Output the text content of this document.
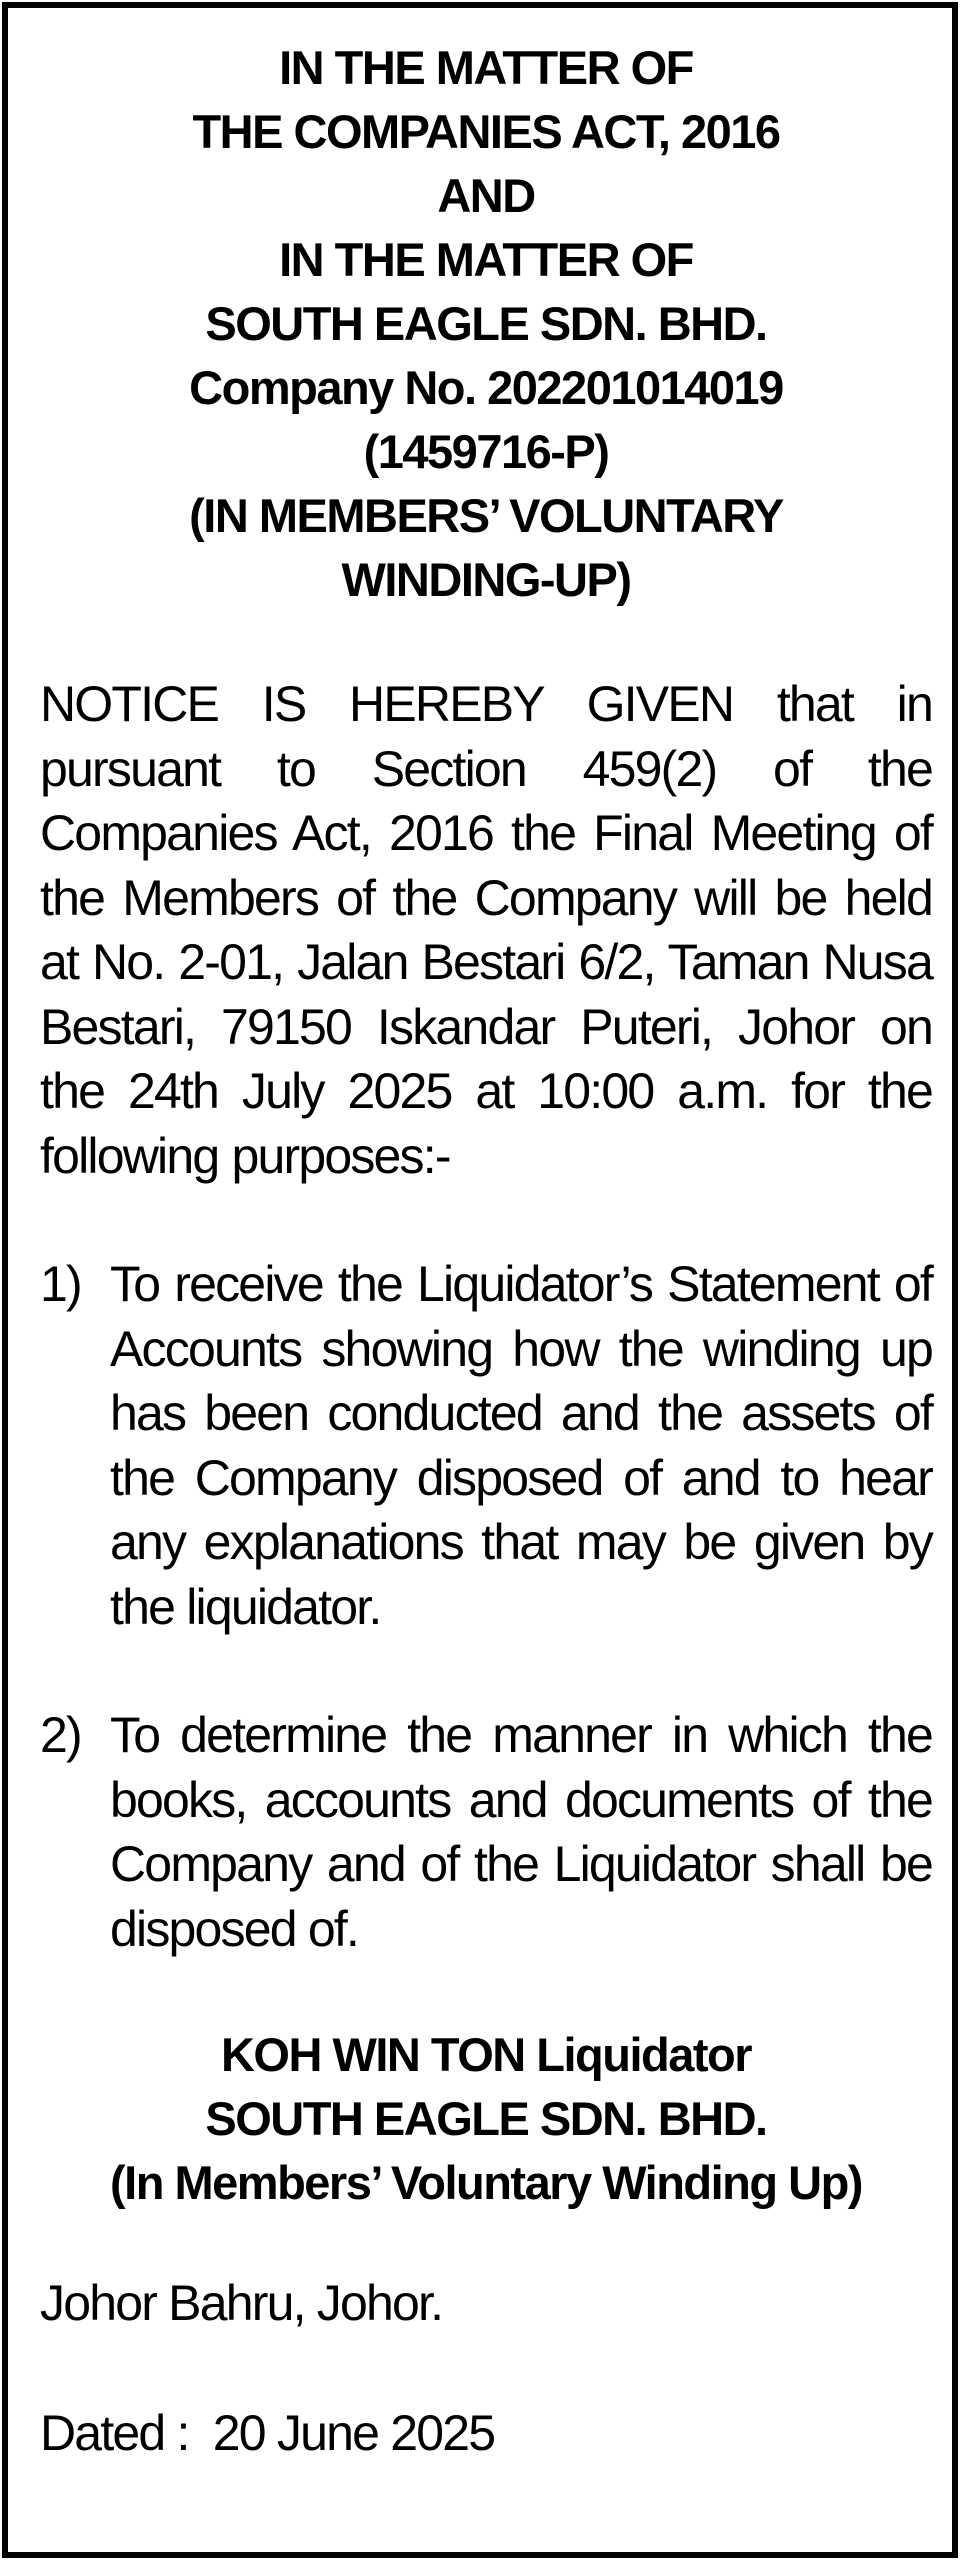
IN THE MATTER OF
THE COMPANIES ACT, 2016
AND
IN THE MATTER OF
SOUTH EAGLE SDN. BHD.
Company No. 202201014019
(1459716-P)
(IN MEMBERS’ VOLUNTARY
WINDING-UP)

NOTICE IS HEREBY GIVEN that in pursuant to Section 459(2) of the Companies Act, 2016 the Final Meeting of the Members of the Company will be held at No. 2-01, Jalan Bestari 6/2, Taman Nusa Bestari, 79150 Iskandar Puteri, Johor on the 24th July 2025 at 10:00 a.m. for the following purposes:-

1) To receive the Liquidator’s Statement of Accounts showing how the winding up has been conducted and the assets of the Company disposed of and to hear any explanations that may be given by the liquidator.
2) To determine the manner in which the books, accounts and documents of the Company and of the Liquidator shall be disposed of.
KOH WIN TON Liquidator
SOUTH EAGLE SDN. BHD.
(In Members’ Voluntary Winding Up)
Johor Bahru, Johor.
Dated :  20 June 2025
